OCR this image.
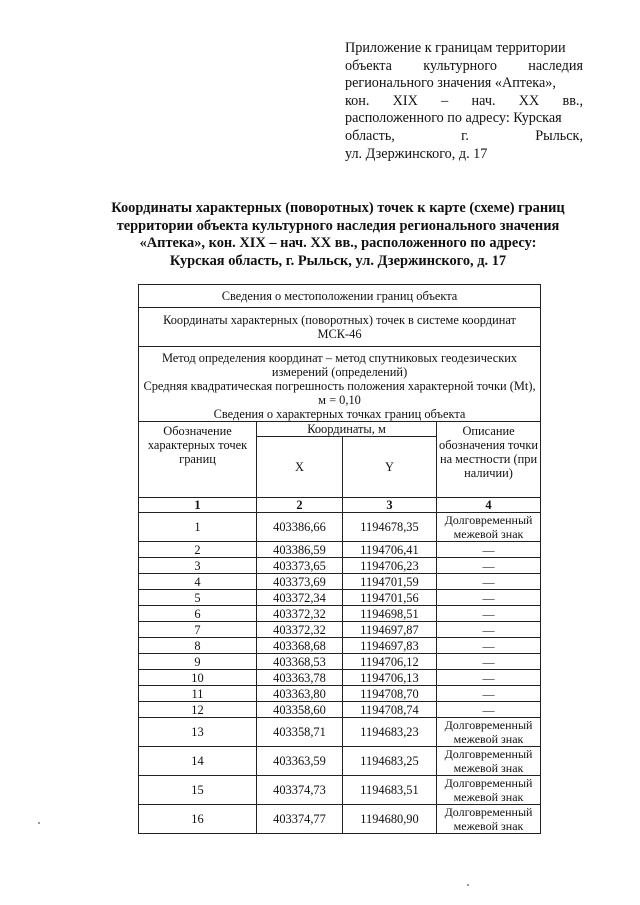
Приложение к границам территории
объекта культурного наследия
регионального значения «Аптека»,
кон. XIX – нач. XX вв.,
расположенного по адресу: Курская
область, г. Рыльск,
ул. Дзержинского, д. 17
Координаты характерных (поворотных) точек к карте (схеме) границ
территории объекта культурного наследия регионального значения
«Аптека», кон. XIX – нач. XX вв., расположенного по адресу:
Курская область, г. Рыльск, ул. Дзержинского, д. 17
Сведения о местоположении границ объекта			
Координаты характерных (поворотных) точек в системе координат МСК-46			

Метод определения координат – метод спутниковых геодезических измерений (определений)
Средняя квадратическая погрешность положения характерной точки (Mt), м = 0,10
Сведения о характерных точках границ объекта			

Обозначение характерных точек границ	Координаты, м		Описание обозначения точки на местности (при наличии)
	X	Y	
1	2	3	4
1	403386,66	1194678,35	Долговременный межевой знак
2	403386,59	1194706,41	—
3	403373,65	1194706,23	—
4	403373,69	1194701,59	—
5	403372,34	1194701,56	—
6	403372,32	1194698,51	—
7	403372,32	1194697,87	—
8	403368,68	1194697,83	—
9	403368,53	1194706,12	—
10	403363,78	1194706,13	—
11	403363,80	1194708,70	—
12	403358,60	1194708,74	—
13	403358,71	1194683,23	Долговременный межевой знак
14	403363,59	1194683,25	Долговременный межевой знак
15	403374,73	1194683,51	Долговременный межевой знак
16	403374,77	1194680,90	Долговременный межевой знак
